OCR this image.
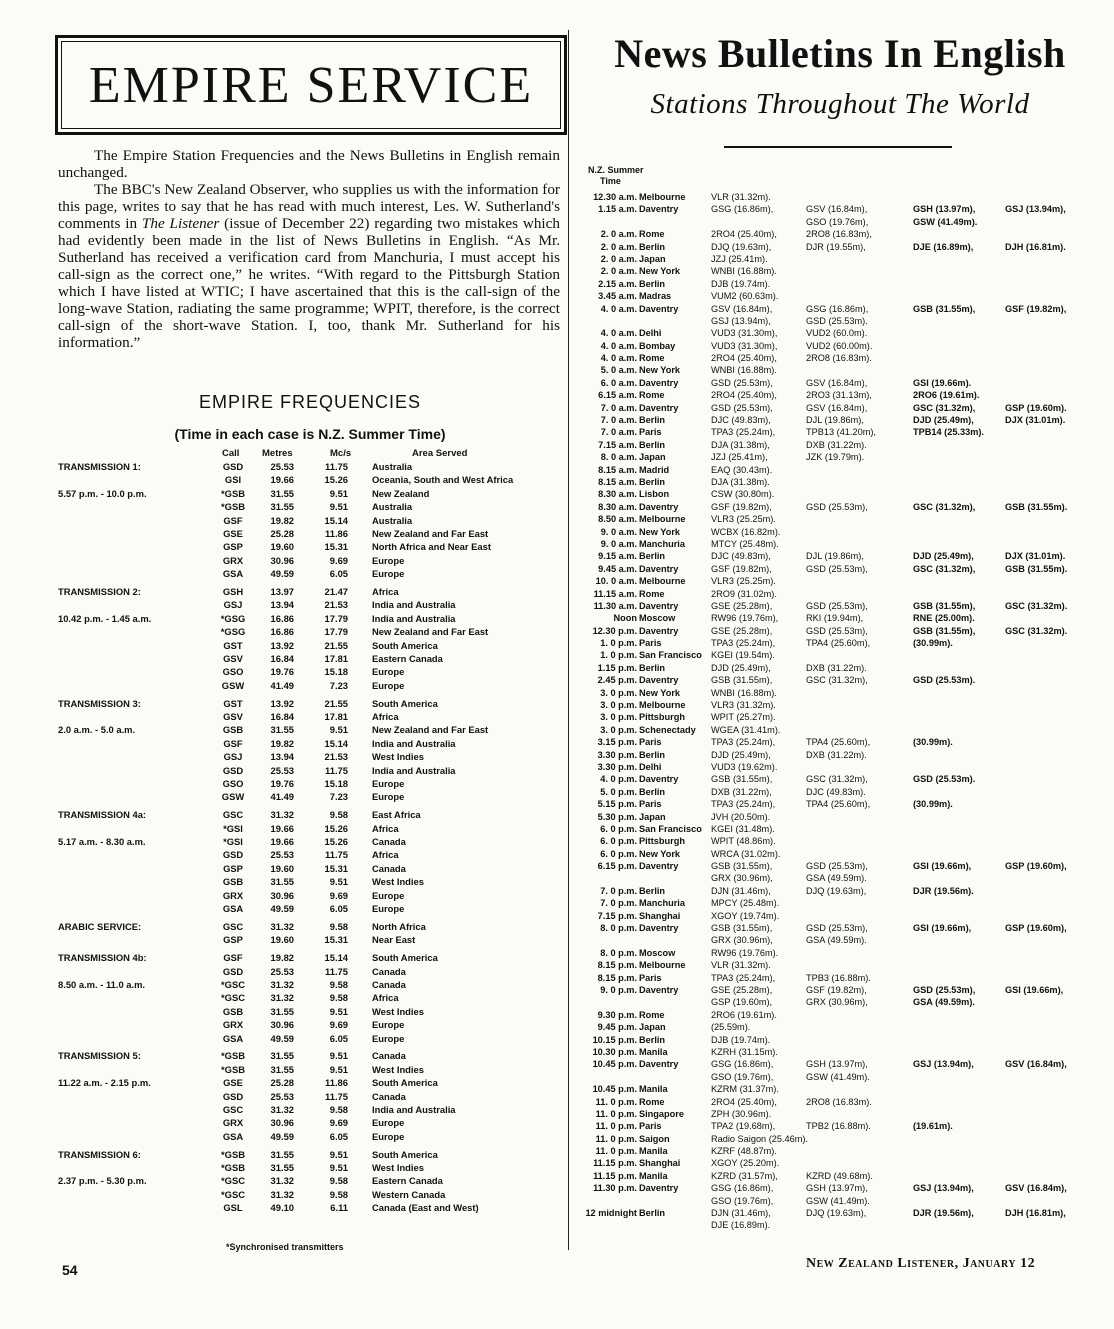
EMPIRE SERVICE

The Empire Station Frequencies and the News Bulletins in English remain unchanged.

The BBC's New Zealand Observer, who supplies us with the information for this page, writes to say that he has read with much interest, Les. W. Sutherland's comments in The Listener (issue of December 22) regarding two mistakes which had evidently been made in the list of News Bulletins in English. “As Mr. Sutherland has received a verification card from Manchuria, I must accept his call-sign as the correct one,” he writes. “With regard to the Pittsburgh Station which I have listed at WTIC; I have ascertained that this is the call-sign of the long-wave Station, radiating the same programme; WPIT, therefore, is the correct call-sign of the short-wave Station. I, too, thank Mr. Sutherland for his information.”

EMPIRE FREQUENCIES
(Time in each case is N.Z. Summer Time)
Call Metres	Mc/s	Area Served
TRANSMISSION 1:	GSD	25.53	11.75	Australia
GSI	19.66	15.26	Oceania, South and West Africa
5.57 p.m. - 10.0 p.m.	*GSB	31.55	9.51	New Zealand
*GSB	31.55	9.51	Australia
GSF	19.82	15.14	Australia
GSE	25.28	11.86	New Zealand and Far East
GSP	19.60	15.31	North Africa and Near East
GRX	30.96	9.69	Europe
GSA	49.59	6.05	Europe
TRANSMISSION 2:	GSH	13.97	21.47	Africa
GSJ	13.94	21.53	India and Australia
10.42 p.m. - 1.45 a.m.	*GSG	16.86	17.79	India and Australia
*GSG	16.86	17.79	New Zealand and Far East
GST	13.92	21.55	South America
GSV	16.84	17.81	Eastern Canada
GSO	19.76	15.18	Europe
GSW	41.49	7.23	Europe
TRANSMISSION 3:	GST	13.92	21.55	South America
GSV	16.84	17.81	Africa
2.0 a.m. - 5.0 a.m.	GSB	31.55	9.51	New Zealand and Far East
GSF	19.82	15.14	India and Australia
GSJ	13.94	21.53	West Indies
GSD	25.53	11.75	India and Australia
GSO	19.76	15.18	Europe
GSW	41.49	7.23	Europe
TRANSMISSION 4a:	GSC	31.32	9.58	East Africa
*GSI	19.66	15.26	Africa
5.17 a.m. - 8.30 a.m.	*GSI	19.66	15.26	Canada
GSD	25.53	11.75	Africa
GSP	19.60	15.31	Canada
GSB	31.55	9.51	West Indies
GRX	30.96	9.69	Europe
GSA	49.59	6.05	Europe
ARABIC SERVICE:	GSC	31.32	9.58	North Africa
GSP	19.60	15.31	Near East
TRANSMISSION 4b:	GSF	19.82	15.14	South America
GSD	25.53	11.75	Canada
8.50 a.m. - 11.0 a.m.	*GSC	31.32	9.58	Canada
*GSC	31.32	9.58	Africa
GSB	31.55	9.51	West Indies
GRX	30.96	9.69	Europe
GSA	49.59	6.05	Europe
TRANSMISSION 5:	*GSB	31.55	9.51	Canada
*GSB	31.55	9.51	West Indies
11.22 a.m. - 2.15 p.m.	GSE	25.28	11.86	South America
GSD	25.53	11.75	Canada
GSC	31.32	9.58	India and Australia
GRX	30.96	9.69	Europe
GSA	49.59	6.05	Europe
TRANSMISSION 6:	*GSB	31.55	9.51	South America
*GSB	31.55	9.51	West Indies
2.37 p.m. - 5.30 p.m.	*GSC	31.32	9.58	Eastern Canada
*GSC	31.32	9.58	Western Canada
GSL	49.10	6.11	Canada (East and West)
*Synchronised transmitters
54
News Bulletins In English
Stations Throughout The World
N.Z. Summer
Time
12.30 a.m. Melbourne	VLR (31.32m).
1.15 a.m. Daventry	GSG (16.86m),	GSV (16.84m),	GSH (13.97m),	GSJ (13.94m),
GSO (19.76m),	GSW (41.49m).
2. 0 a.m. Rome	2RO4 (25.40m),	2RO8 (16.83m),
2. 0 a.m. Berlin	DJQ (19.63m),	DJR (19.55m),	DJE (16.89m),	DJH (16.81m).
2. 0 a.m. Japan	JZJ (25.41m).
2. 0 a.m. New York	WNBI (16.88m).
2.15 a.m. Berlin	DJB (19.74m).
3.45 a.m. Madras	VUM2 (60.63m).
4. 0 a.m. Daventry	GSV (16.84m),	GSG (16.86m),	GSB (31.55m),	GSF (19.82m),
GSJ (13.94m),	GSD (25.53m).
4. 0 a.m. Delhi	VUD3 (31.30m),	VUD2 (60.0m).
4. 0 a.m. Bombay	VUD3 (31.30m),	VUD2 (60.00m).
4. 0 a.m. Rome	2RO4 (25.40m),	2RO8 (16.83m).
5. 0 a.m. New York	WNBI (16.88m).
6. 0 a.m. Daventry	GSD (25.53m),	GSV (16.84m),	GSI (19.66m).
6.15 a.m. Rome	2RO4 (25.40m),	2RO3 (31.13m),	2RO6 (19.61m).
7. 0 a.m. Daventry	GSD (25.53m),	GSV (16.84m),	GSC (31.32m),	GSP (19.60m).
7. 0 a.m. Berlin	DJC (49.83m),	DJL (19.86m),	DJD (25.49m),	DJX (31.01m).
7. 0 a.m. Paris	TPA3 (25.24m),	TPB13 (41.20m),	TPB14 (25.33m).
7.15 a.m. Berlin	DJA (31.38m),	DXB (31.22m).
8. 0 a.m. Japan	JZJ (25.41m),	JZK (19.79m).
8.15 a.m. Madrid	EAQ (30.43m).
8.15 a.m. Berlin	DJA (31.38m).
8.30 a.m. Lisbon	CSW (30.80m).
8.30 a.m. Daventry	GSF (19.82m),	GSD (25.53m),	GSC (31.32m),	GSB (31.55m).
8.50 a.m. Melbourne	VLR3 (25.25m).
9. 0 a.m. New York	WCBX (16.82m).
9. 0 a.m. Manchuria	MTCY (25.48m).
9.15 a.m. Berlin	DJC (49.83m),	DJL (19.86m),	DJD (25.49m),	DJX (31.01m).
9.45 a.m. Daventry	GSF (19.82m),	GSD (25.53m),	GSC (31.32m),	GSB (31.55m).
10. 0 a.m. Melbourne	VLR3 (25.25m).
11.15 a.m. Rome	2RO9 (31.02m).
11.30 a.m. Daventry	GSE (25.28m),	GSD (25.53m),	GSB (31.55m),	GSC (31.32m).
Noon Moscow	RW96 (19.76m),	RKI (19.94m),	RNE (25.00m).
12.30 p.m. Daventry	GSE (25.28m),	GSD (25.53m),	GSB (31.55m),	GSC (31.32m).
1. 0 p.m. Paris	TPA3 (25.24m),	TPA4 (25.60m),	(30.99m).
1. 0 p.m. San Francisco KGEI (19.54m).
1.15 p.m. Berlin	DJD (25.49m),	DXB (31.22m).
2.45 p.m. Daventry	GSB (31.55m),	GSC (31.32m),	GSD (25.53m).
3. 0 p.m. New York	WNBI (16.88m).
3. 0 p.m. Melbourne	VLR3 (31.32m).
3. 0 p.m. Pittsburgh	WPIT (25.27m).
3. 0 p.m. Schenectady	WGEA (31.41m).
3.15 p.m. Paris	TPA3 (25.24m),	TPA4 (25.60m),	(30.99m).
3.30 p.m. Berlin	DJD (25.49m),	DXB (31.22m).
3.30 p.m. Delhi	VUD3 (19.62m).
4. 0 p.m. Daventry	GSB (31.55m),	GSC (31.32m),	GSD (25.53m).
5. 0 p.m. Berlin	DXB (31.22m),	DJC (49.83m).
5.15 p.m. Paris	TPA3 (25.24m),	TPA4 (25.60m),	(30.99m).
5.30 p.m. Japan	JVH (20.50m).
6. 0 p.m. San Francisco KGEI (31.48m).
6. 0 p.m. Pittsburgh	WPIT (48.86m).
6. 0 p.m. New York	WRCA (31.02m).
6.15 p.m. Daventry	GSB (31.55m),	GSD (25.53m),	GSI (19.66m),	GSP (19.60m),
GRX (30.96m),	GSA (49.59m).
7. 0 p.m. Berlin	DJN (31.46m),	DJQ (19.63m),	DJR (19.56m).
7. 0 p.m. Manchuria	MPCY (25.48m).
7.15 p.m. Shanghai	XGOY (19.74m).
8. 0 p.m. Daventry	GSB (31.55m),	GSD (25.53m),	GSI (19.66m),	GSP (19.60m),
GRX (30.96m),	GSA (49.59m).
8. 0 p.m. Moscow	RW96 (19.76m).
8.15 p.m. Melbourne	VLR (31.32m).
8.15 p.m. Paris	TPA3 (25.24m),	TPB3 (16.88m).
9. 0 p.m. Daventry	GSE (25.28m),	GSF (19.82m),	GSD (25.53m),	GSI (19.66m),
GSP (19.60m),	GRX (30.96m),	GSA (49.59m).
9.30 p.m. Rome	2RO6 (19.61m).
9.45 p.m. Japan	(25.59m).
10.15 p.m. Berlin	DJB (19.74m).
10.30 p.m. Manila	KZRH (31.15m).
10.45 p.m. Daventry	GSG (16.86m),	GSH (13.97m),	GSJ (13.94m),	GSV (16.84m),
GSO (19.76m),	GSW (41.49m).
10.45 p.m. Manila	KZRM (31.37m).
11. 0 p.m. Rome	2RO4 (25.40m),	2RO8 (16.83m).
11. 0 p.m. Singapore	ZPH (30.96m).
11. 0 p.m. Paris	TPA2 (19.68m),	TPB2 (16.88m).	(19.61m).
11. 0 p.m. Saigon	Radio Saigon (25.46m).
11. 0 p.m. Manila	KZRF (48.87m).
11.15 p.m. Shanghai	XGOY (25.20m).
11.15 p.m. Manila	KZRD (31.57m),	KZRD (49.68m).
11.30 p.m. Daventry	GSG (16.86m),	GSH (13.97m),	GSJ (13.94m),	GSV (16.84m),
GSO (19.76m),	GSW (41.49m).
12 midnight Berlin	DJN (31.46m),	DJQ (19.63m),	DJR (19.56m),	DJH (16.81m),
DJE (16.89m).
New Zealand Listener, January 12
